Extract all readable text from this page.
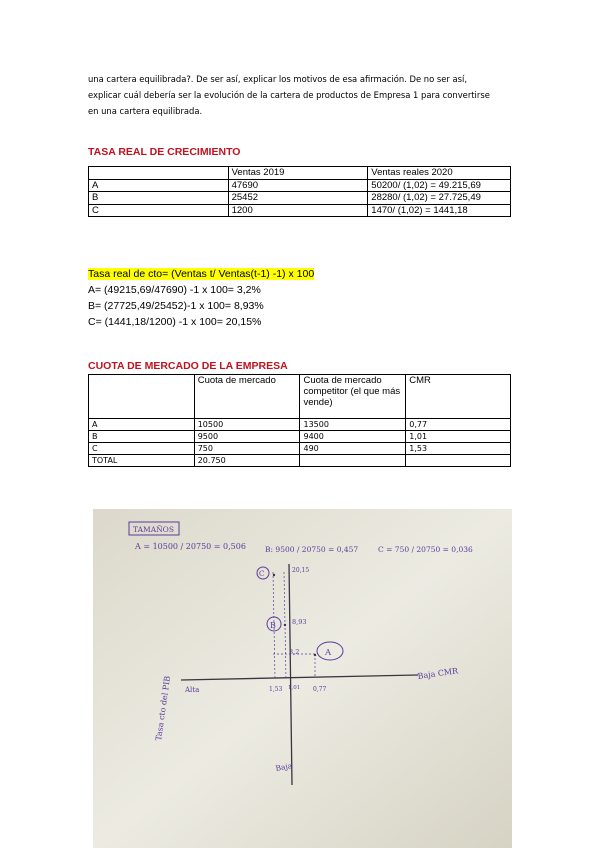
una cartera equilibrada?. De ser así, explicar los motivos de esa afirmación. De no ser así,

explicar cuál debería ser la evolución de la cartera de productos de Empresa 1 para convertirse

en una cartera equilibrada.

TASA REAL DE CRECIMIENTO
	Ventas 2019	Ventas reales 2020
A	47690	50200/ (1,02) = 49.215,69
B	25452	28280/ (1,02) = 27.725,49
C	1200	1470/ (1,02) = 1441,18
Tasa real de cto= (Ventas t/ Ventas(t-1) -1) x 100
A= (49215,69/47690) -1 x 100= 3,2%
B= (27725,49/25452)-1 x 100= 8,93%
C= (1441,18/1200) -1 x 100= 20,15%
CUOTA DE MERCADO DE LA EMPRESA
	Cuota de mercado	Cuota de mercado competitor (el que más vende)	CMR
A	10500	13500	0,77
B	9500	9400	1,01
C	750	490	1,53
TOTAL	20.750		
TAMAÑOS
A = 10500 / 20750 = 0,506	B: 9500 / 20750 = 0,457	C = 750 / 20750 = 0,036
C
B
A
20,15
8,93
3,2
1,53 1,01 0,77
Alta
Baja CMR
Baja
Tasa cto del PIB
